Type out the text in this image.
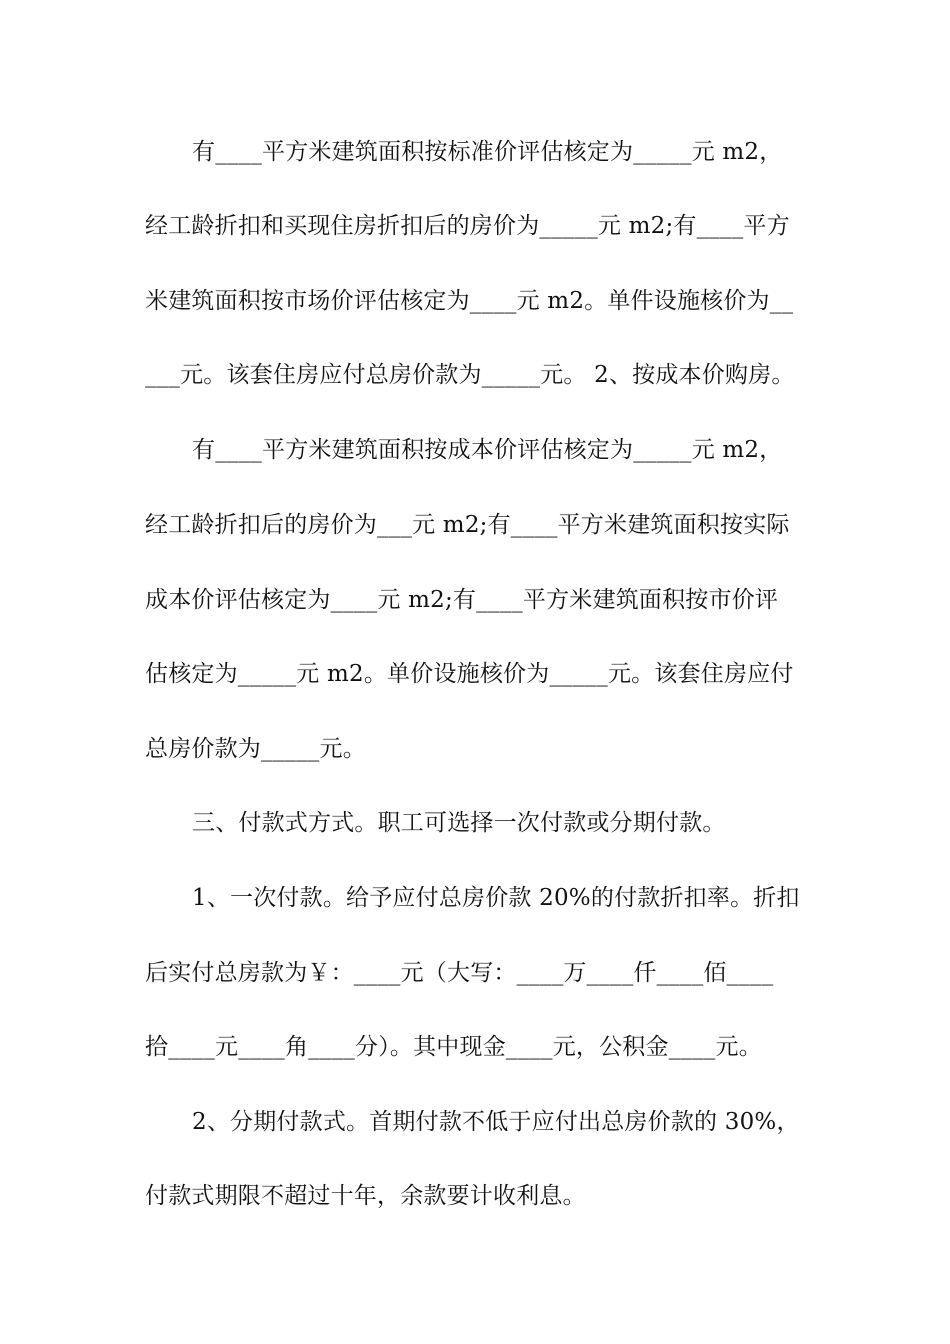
有____平方米建筑面积按标准价评估核定为_____元 m2，
经工龄折扣和买现住房折扣后的房价为_____元 m2;有____平方
米建筑面积按市场价评估核定为____元 m2。单件设施核价为__
___元。该套住房应付总房价款为_____元。 2、按成本价购房。
有____平方米建筑面积按成本价评估核定为_____元 m2，
经工龄折扣后的房价为___元 m2;有____平方米建筑面积按实际
成本价评估核定为____元 m2;有____平方米建筑面积按市价评
估核定为_____元 m2。单价设施核价为_____元。该套住房应付
总房价款为_____元。
三、付款式方式。职工可选择一次付款或分期付款。
1、一次付款。给予应付总房价款 20%的付款折扣率。折扣
后实付总房款为￥：____元（大写：____万____仟____佰____
拾____元____角____分）。其中现金____元，公积金____元。
2、分期付款式。首期付款不低于应付出总房价款的 30%，
付款式期限不超过十年，余款要计收利息。
